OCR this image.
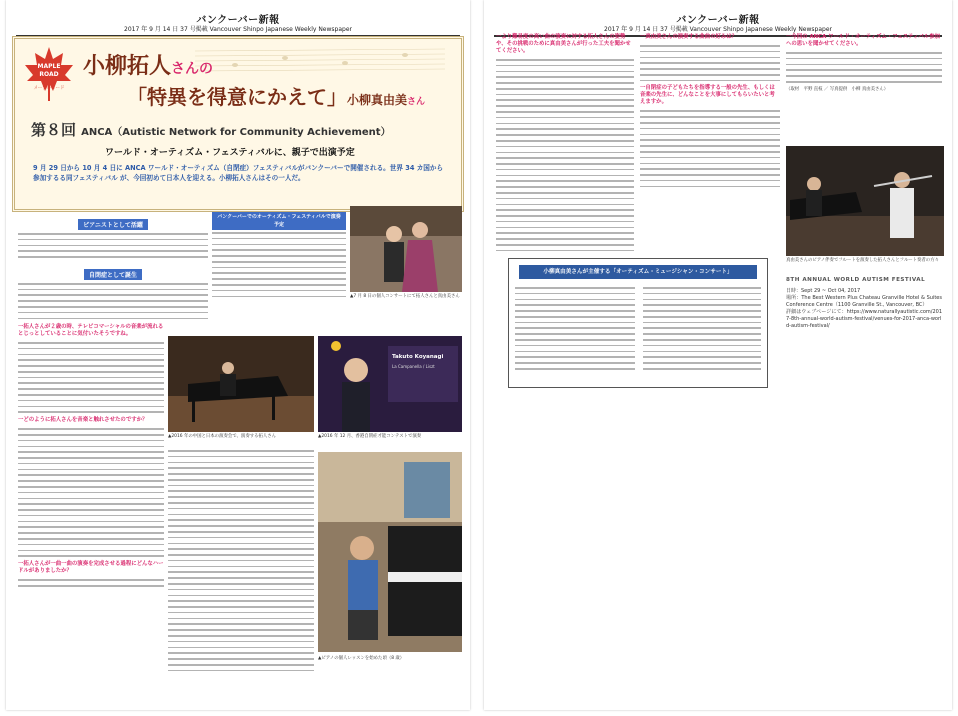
バンクーバー新報
2017 年 9 月 14 日 37 号掲載 Vancouver Shinpo Japanese Weekly Newspaper
MAPLE
ROAD
メープルロード
小柳拓人さんの
「特異を得意にかえて」小柳真由美さん
第８回 ANCA（Autistic Network for Community Achievement）
ワールド・オーティズム・フェスティバルに、親子で出演予定
9 月 29 日から 10 月 4 日に ANCA ワールド・オーティズム（自閉症）フェスティバルがバンクーバーで開催される。世界 34 カ国から参加するる同フェスティバル が、今回初めて日本人を迎える。小柳拓人さんはその一人だ。
ピアニストとして活躍
自閉症として誕生
バンクーバーでのオーティズム・フェスティバルで演奏予定
▲7 月 8 日の個人コンサートにて拓人さんと真由美さん
一拓人さんが２歳の時、テレビコマーシャルの音楽が流れるとじっとしていることに気付いたそうですね。
一どのように拓人さんを音楽と触れさせたのですか？
一拓人さんが一曲一曲の演奏を完成させる過程にどんなハードルがありましたか？
▲2016 年の中国と日本の演奏会で、演奏する拓人さん
Takuto Koyanagi
La Campanella / Liszt
▲2016 年 12 月、香港自閉症才能コンテストで演奏
▲ピアノの個人レッスンを始めた頃（8 歳）
バンクーバー新報
2017 年 9 月 14 日 37 号掲載 Vancouver Shinpo Japanese Weekly Newspaper
一より難易度の高い曲の演奏に対する拓人さんの姿勢や、その挑戦のために真由美さんが行った工夫を聞かせてください。
一真由美さんの演奏する曲曲の好みは？
一自閉症の子どもたちを指導する一般の先生、もしくは音楽の先生に、どんなことを大事にしてもらいたいと考えますか。
一今回の ANCA ワールド・オーティズム・フェスティバル参加への思いを聞かせてください。
（取材　平野 直枝 ／ 写真提供　小柳 真由美さん）
小柳真由美さんが主催する「オーティズム・ミュージシャン・コンサート」
真由美さんのピアノ伴奏でフルートを演奏した拓人さんとフルート奏者の方々
8TH ANNUAL WORLD AUTISM FESTIVAL
日時：Sept 29 ~ Oct 04, 2017
場所：The Best Western Plus Chateau Granville Hotel & Suites Conference Centre（1100 Granville St., Vancouver, BC）
詳細はウェブページにて：https://www.naturallyautistic.com/2017-8th-annual-world-autism-festival/venues-for-2017-anca-world-autism-festival/
